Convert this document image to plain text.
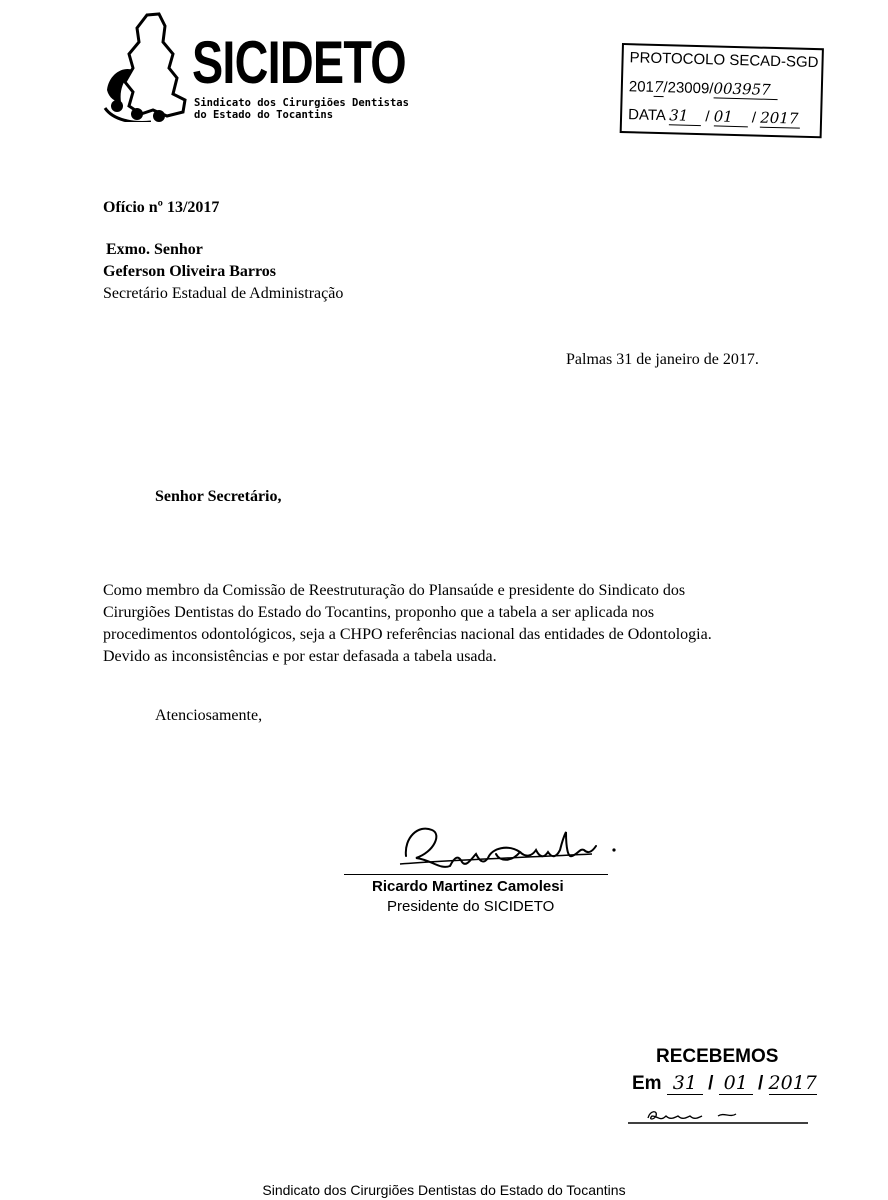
SICIDETO
Sindicato dos Cirurgiões Dentistas
do Estado do Tocantins
PROTOCOLO SECAD-SGD
2017/23009/003957
DATA 31 / 01 / 2017
Ofício nº 13/2017
Exmo. Senhor
Geferson Oliveira Barros
Secretário Estadual de Administração
Palmas 31 de janeiro de 2017.
Senhor Secretário,
Como membro da Comissão de Reestruturação do Plansaúde e presidente do Sindicato dos
Cirurgiões Dentistas do Estado do Tocantins, proponho que a tabela a ser aplicada nos
procedimentos odontológicos, seja a CHPO referências nacional das entidades de Odontologia.
Devido as inconsistências e por estar defasada a tabela usada.
Atenciosamente,
Ricardo Martinez Camolesi
Presidente do SICIDETO
RECEBEMOS
Em 31 / 01 / 2017
Sindicato dos Cirurgiões Dentistas do Estado do Tocantins
